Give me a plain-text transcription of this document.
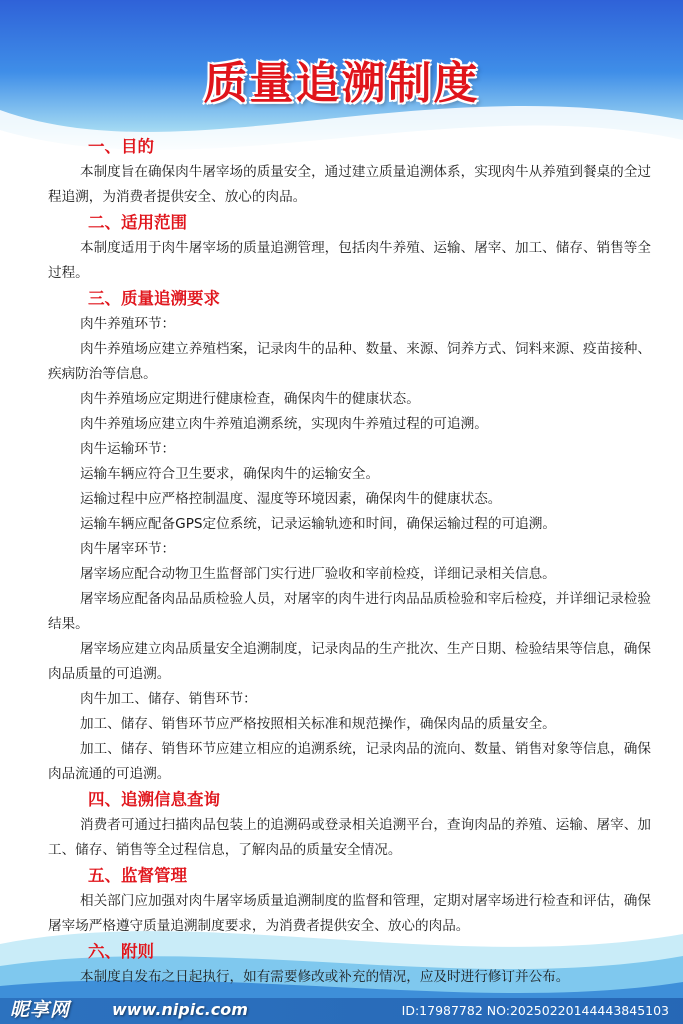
质量追溯制度
一、目的

本制度旨在确保肉牛屠宰场的质量安全，通过建立质量追溯体系，实现肉牛从养殖到餐桌的全过程追溯，为消费者提供安全、放心的肉品。

二、适用范围

本制度适用于肉牛屠宰场的质量追溯管理，包括肉牛养殖、运输、屠宰、加工、储存、销售等全过程。

三、质量追溯要求

肉牛养殖环节：

肉牛养殖场应建立养殖档案，记录肉牛的品种、数量、来源、饲养方式、饲料来源、疫苗接种、疾病防治等信息。

肉牛养殖场应定期进行健康检查，确保肉牛的健康状态。

肉牛养殖场应建立肉牛养殖追溯系统，实现肉牛养殖过程的可追溯。

肉牛运输环节：

运输车辆应符合卫生要求，确保肉牛的运输安全。

运输过程中应严格控制温度、湿度等环境因素，确保肉牛的健康状态。

运输车辆应配备GPS定位系统，记录运输轨迹和时间，确保运输过程的可追溯。

肉牛屠宰环节：

屠宰场应配合动物卫生监督部门实行进厂验收和宰前检疫，详细记录相关信息。

屠宰场应配备肉品品质检验人员，对屠宰的肉牛进行肉品品质检验和宰后检疫，并详细记录检验结果。

屠宰场应建立肉品质量安全追溯制度，记录肉品的生产批次、生产日期、检验结果等信息，确保肉品质量的可追溯。

肉牛加工、储存、销售环节：

加工、储存、销售环节应严格按照相关标准和规范操作，确保肉品的质量安全。

加工、储存、销售环节应建立相应的追溯系统，记录肉品的流向、数量、销售对象等信息，确保肉品流通的可追溯。

四、追溯信息查询

消费者可通过扫描肉品包装上的追溯码或登录相关追溯平台，查询肉品的养殖、运输、屠宰、加工、储存、销售等全过程信息，了解肉品的质量安全情况。

五、监督管理

相关部门应加强对肉牛屠宰场质量追溯制度的监督和管理，定期对屠宰场进行检查和评估，确保屠宰场严格遵守质量追溯制度要求，为消费者提供安全、放心的肉品。

六、附则

本制度自发布之日起执行，如有需要修改或补充的情况，应及时进行修订并公布。

昵享网	www.nipic.com	ID:17987782 NO:20250220144443845103
